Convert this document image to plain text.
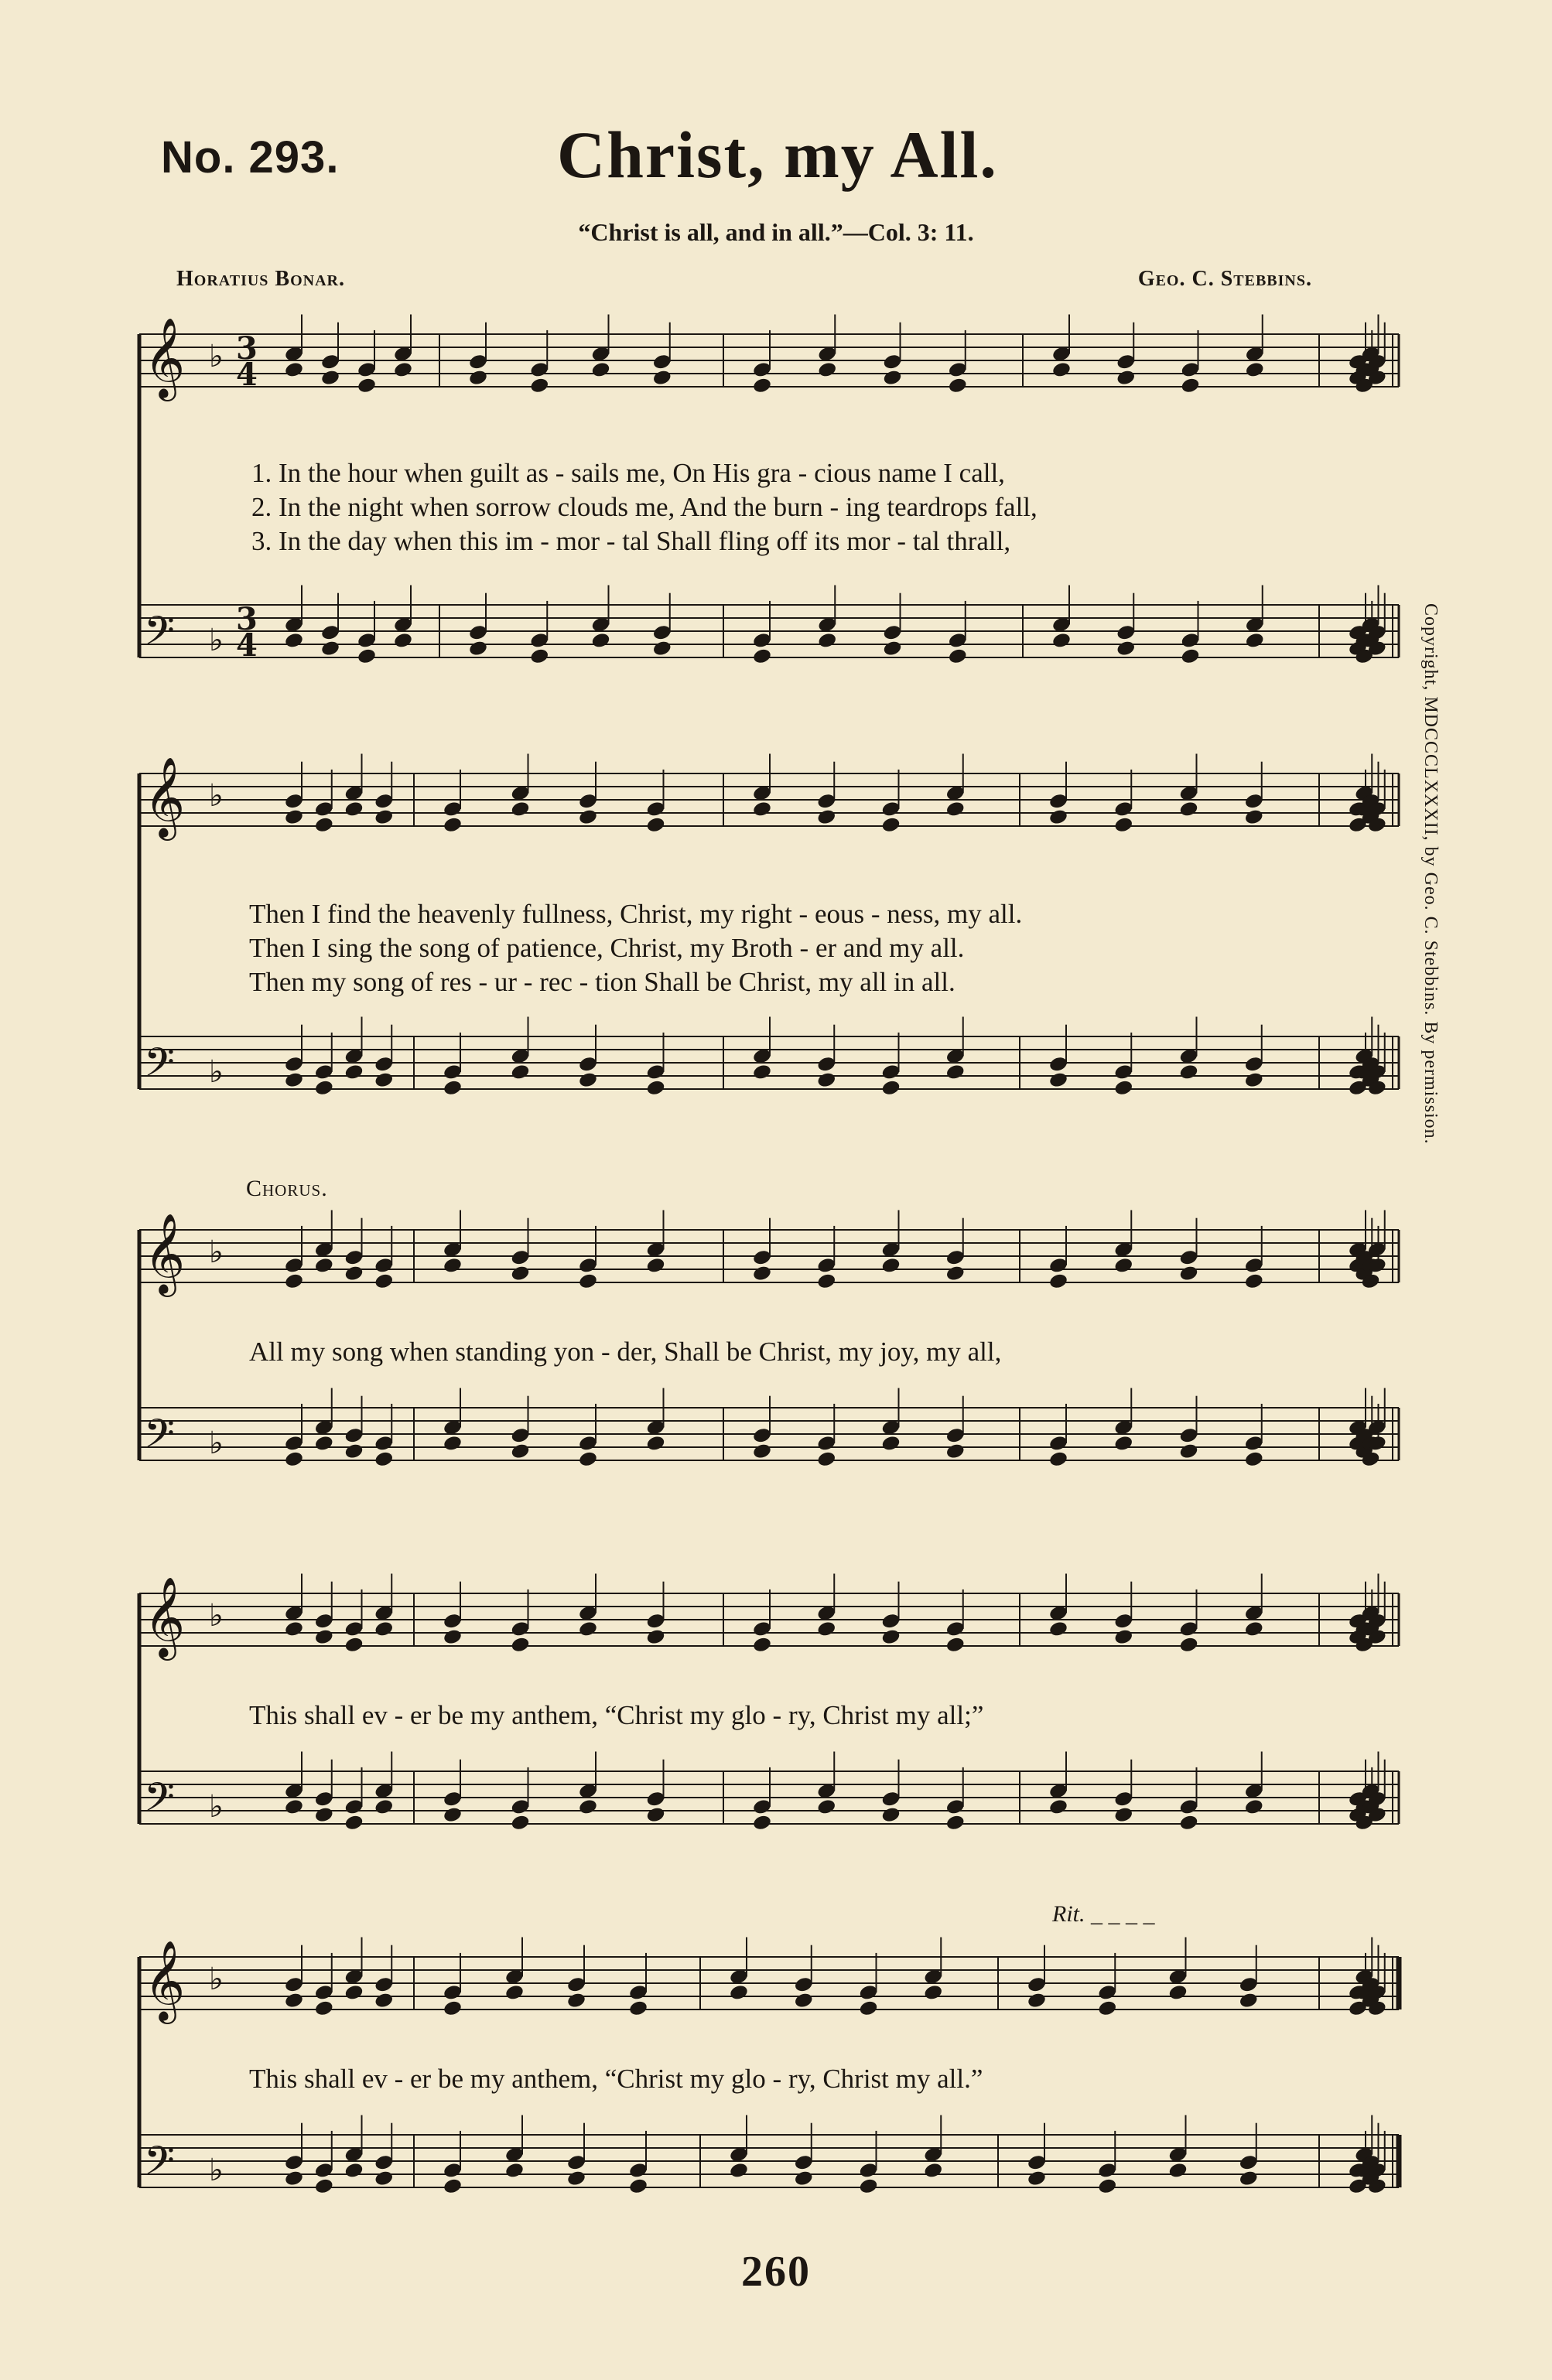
No. 293.	Christ, my All.
“Christ is all, and in all.”—Col. 3: 11.
Horatius Bonar.	Geo. C. Stebbins.
𝄞 ♭ 3
4
𝄢 ♭
3
4
𝄞 ♭
𝄢 ♭
𝄞 ♭
𝄢 ♭
𝄞 ♭
𝄢 ♭
𝄞 ♭
𝄢 ♭
1. In the hour when guilt as - sails me, On His gra - cious name I call,
2. In the night when sorrow clouds me, And the burn - ing teardrops fall,
3. In the day when this im - mor - tal Shall fling off its mor - tal thrall,
Then I find the heavenly fullness, Christ, my right - eous - ness, my all.
Then I sing the song of patience, Christ, my Broth - er and my all.
Then my song of res - ur - rec - tion Shall be Christ, my all in all.
Chorus.
All my song when standing yon - der, Shall be Christ, my joy, my all,
This shall ev - er be my anthem, “Christ my glo - ry, Christ my all;”
Rit. _ _ _ _
This shall ev - er be my anthem, “Christ my glo - ry, Christ my all.”
Copyright, MDCCCLXXXII, by Geo. C. Stebbins. By permission.
260
